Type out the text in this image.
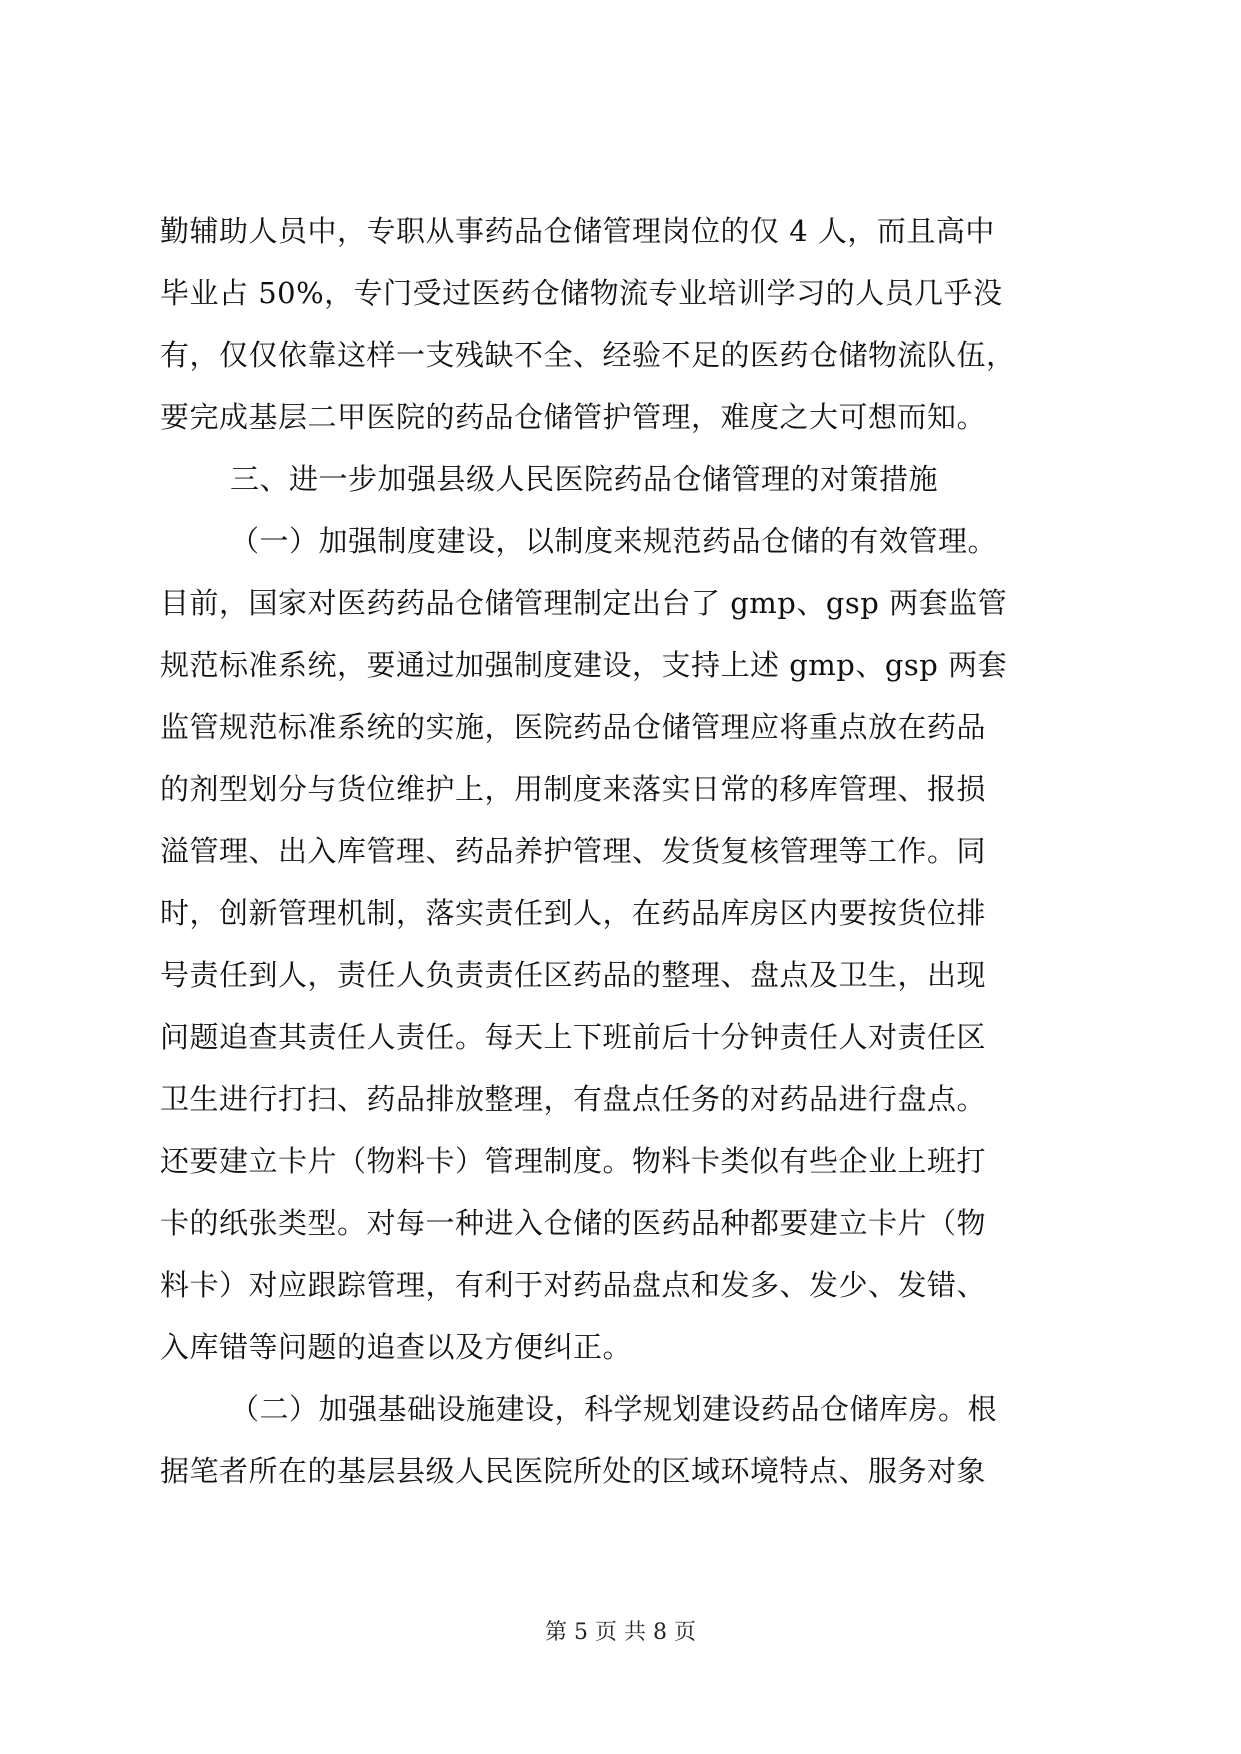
勤辅助人员中，专职从事药品仓储管理岗位的仅 4 人，而且高中
毕业占 50%，专门受过医药仓储物流专业培训学习的人员几乎没
有，仅仅依靠这样一支残缺不全、经验不足的医药仓储物流队伍，
要完成基层二甲医院的药品仓储管护管理，难度之大可想而知。
三、进一步加强县级人民医院药品仓储管理的对策措施
（一）加强制度建设，以制度来规范药品仓储的有效管理。
目前，国家对医药药品仓储管理制定出台了 gmp、gsp 两套监管
规范标准系统，要通过加强制度建设，支持上述 gmp、gsp 两套
监管规范标准系统的实施，医院药品仓储管理应将重点放在药品
的剂型划分与货位维护上，用制度来落实日常的移库管理、报损
溢管理、出入库管理、药品养护管理、发货复核管理等工作。同
时，创新管理机制，落实责任到人，在药品库房区内要按货位排
号责任到人，责任人负责责任区药品的整理、盘点及卫生，出现
问题追查其责任人责任。每天上下班前后十分钟责任人对责任区
卫生进行打扫、药品排放整理，有盘点任务的对药品进行盘点。
还要建立卡片（物料卡）管理制度。物料卡类似有些企业上班打
卡的纸张类型。对每一种进入仓储的医药品种都要建立卡片（物
料卡）对应跟踪管理，有利于对药品盘点和发多、发少、发错、
入库错等问题的追查以及方便纠正。
（二）加强基础设施建设，科学规划建设药品仓储库房。根
据笔者所在的基层县级人民医院所处的区域环境特点、服务对象
第 5 页 共 8 页
